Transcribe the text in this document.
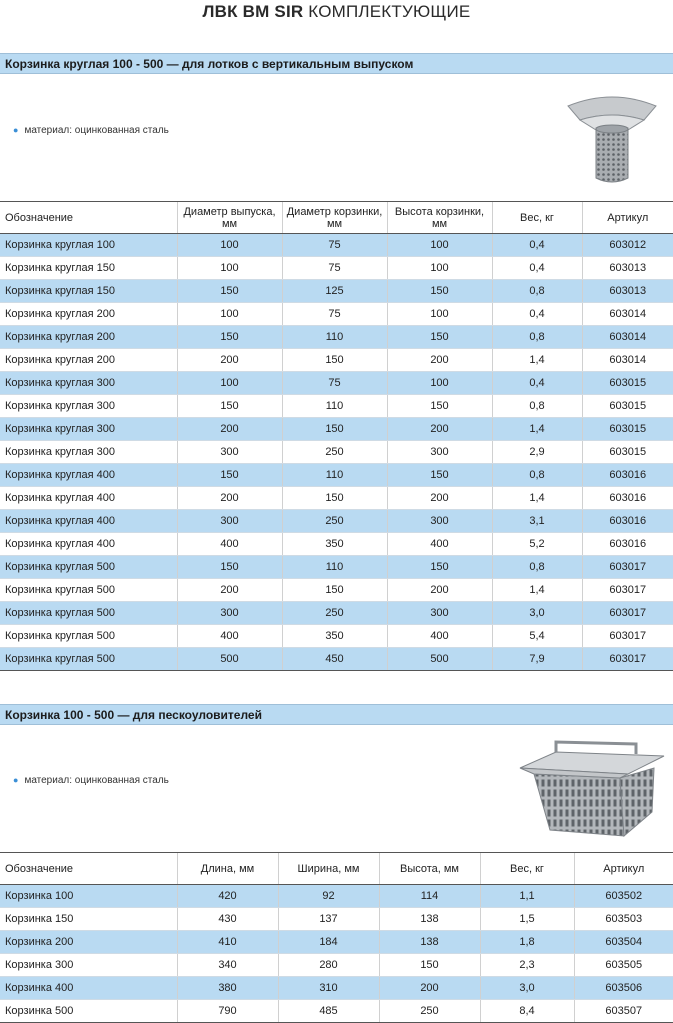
ЛВК BM SIR КОМПЛЕКТУЮЩИЕ
Корзинка круглая 100 - 500 — для лотков с вертикальным выпуском
● материал: оцинкованная сталь
Обозначение	Диаметр выпуска, мм	Диаметр корзинки, мм	Высота корзинки, мм	Вес, кг	Артикул
Корзинка круглая 100	100	75	100	0,4	603012
Корзинка круглая 150	100	75	100	0,4	603013
Корзинка круглая 150	150	125	150	0,8	603013
Корзинка круглая 200	100	75	100	0,4	603014
Корзинка круглая 200	150	110	150	0,8	603014
Корзинка круглая 200	200	150	200	1,4	603014
Корзинка круглая 300	100	75	100	0,4	603015
Корзинка круглая 300	150	110	150	0,8	603015
Корзинка круглая 300	200	150	200	1,4	603015
Корзинка круглая 300	300	250	300	2,9	603015
Корзинка круглая 400	150	110	150	0,8	603016
Корзинка круглая 400	200	150	200	1,4	603016
Корзинка круглая 400	300	250	300	3,1	603016
Корзинка круглая 400	400	350	400	5,2	603016
Корзинка круглая 500	150	110	150	0,8	603017
Корзинка круглая 500	200	150	200	1,4	603017
Корзинка круглая 500	300	250	300	3,0	603017
Корзинка круглая 500	400	350	400	5,4	603017
Корзинка круглая 500	500	450	500	7,9	603017
Корзинка 100 - 500 — для пескоуловителей
● материал: оцинкованная сталь
Обозначение	Длина, мм	Ширина, мм	Высота, мм	Вес, кг	Артикул
Корзинка 100	420	92	114	1,1	603502
Корзинка 150	430	137	138	1,5	603503
Корзинка 200	410	184	138	1,8	603504
Корзинка 300	340	280	150	2,3	603505
Корзинка 400	380	310	200	3,0	603506
Корзинка 500	790	485	250	8,4	603507
